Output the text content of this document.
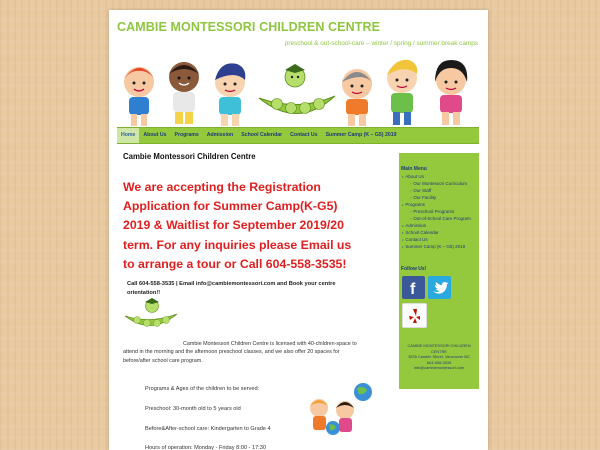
CAMBIE MONTESSORI CHILDREN CENTRE
preschool & out-school-care – winter / spring / summer break camps
Home	About Us	Programs	Admission	School Calendar	Contact Us	Summer Camp (K – G5) 2019
Cambie Montessori Children Centre
We are accepting the Registration Application for Summer Camp(K-G5) 2019 & Waitlist for September 2019/20 term. For any inquiries please Email us to arrange a tour or Call 604-558-3535!
Call 604-558-3535 | Email info@cambiemontessori.com and Book your centre orientation!!
Cambie Montessori Children Centre is licensed with 40-children-space to attend in the morning and the afternoon preschool classes, and we also offer 20 spaces for before/after school care program.
Programs & Ages of the children to be served:
Preschool: 30-month old to 5 years old
Before&After-school care: Kindergarten to Grade 4
Hours of operation: Monday - Friday 8:00 - 17:30
Main Menu
• About Us
◦ Our Montessori Curriculum
◦ Our Staff
◦ Our Facility
• Programs
◦ Preschool Programs
◦ Out-of-School Care Program
• Admission
• School Calendar
• Contact Us
• Summer Camp (K – G5) 2019
Follow Us!
f
CAMBIE MONTESSORI CHILDREN CENTRE
3535 Cambie Street, Vancouver BC
604-558-3535
info@cambiemontessori.com
